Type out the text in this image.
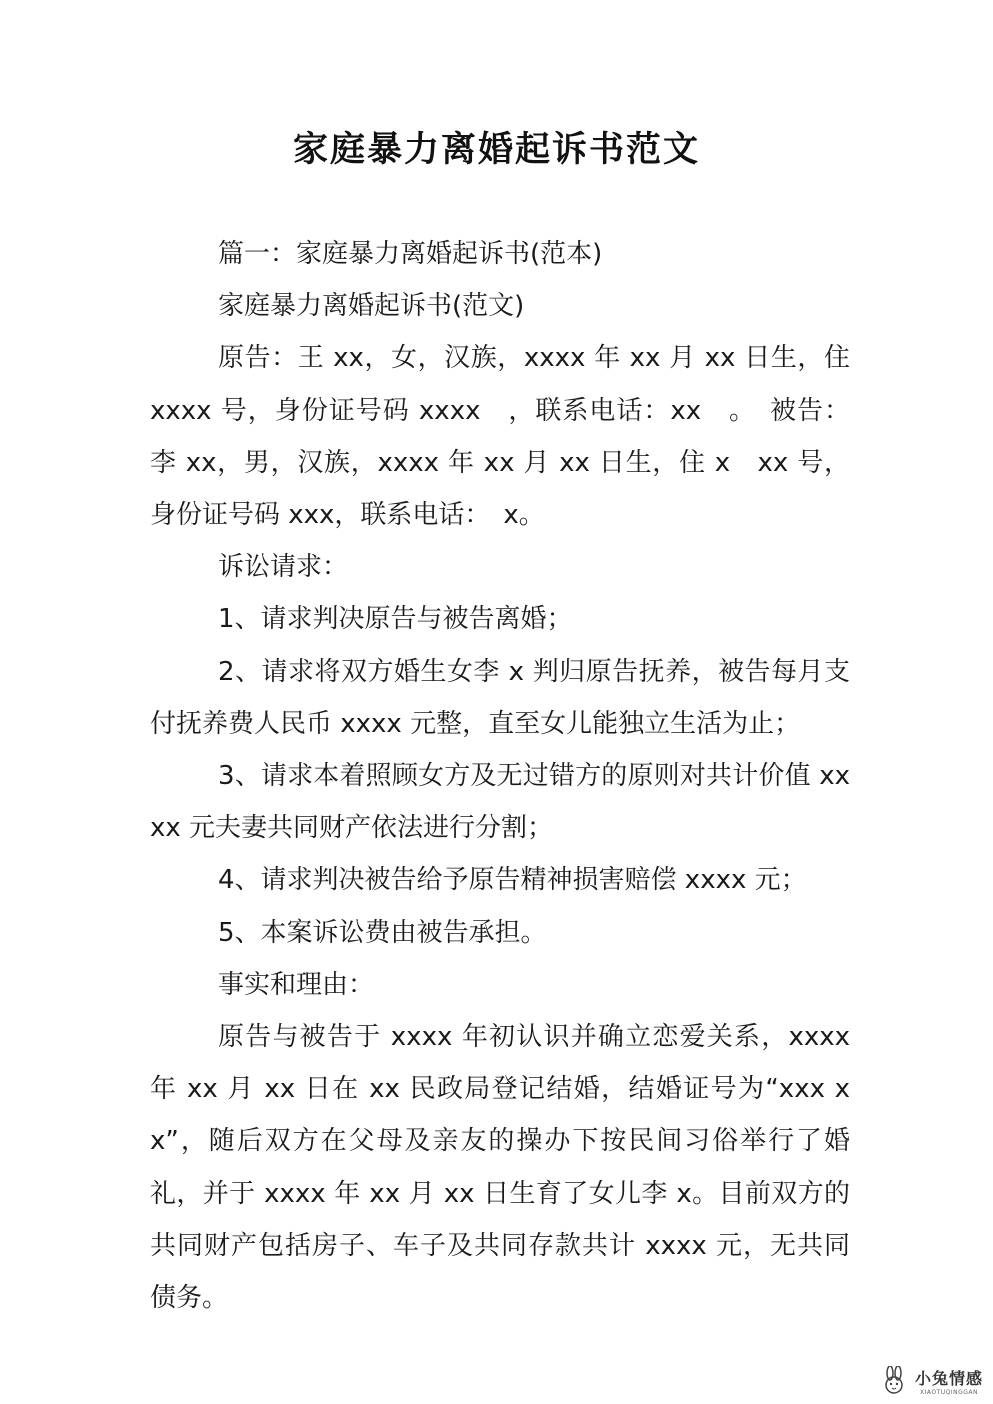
家庭暴力离婚起诉书范文

篇一：家庭暴力离婚起诉书(范本)

家庭暴力离婚起诉书(范文)

原告：王 xx，女，汉族，xxxx 年 xx 月 xx 日生，住 xxxx 号，身份证号码 xxxx　，联系电话：xx　。　被告：李 xx，男，汉族，xxxx 年 xx 月 xx 日生，住 x　xx 号，身份证号码 xxx，联系电话：　x。

诉讼请求：

1、请求判决原告与被告离婚；

2、请求将双方婚生女李 x 判归原告抚养，被告每月支付抚养费人民币 xxxx 元整，直至女儿能独立生活为止；

3、请求本着照顾女方及无过错方的原则对共计价值 xxxx 元夫妻共同财产依法进行分割；

4、请求判决被告给予原告精神损害赔偿 xxxx 元；

5、本案诉讼费由被告承担。

事实和理由：

原告与被告于 xxxx 年初认识并确立恋爱关系，xxxx 年 xx 月 xx 日在 xx 民政局登记结婚，结婚证号为“xxx xx”，随后双方在父母及亲友的操办下按民间习俗举行了婚礼，并于 xxxx 年 xx 月 xx 日生育了女儿李 x。目前双方的共同财产包括房子、车子及共同存款共计 xxxx 元，无共同债务。

小兔情感
XIAOTUQINGGAN
